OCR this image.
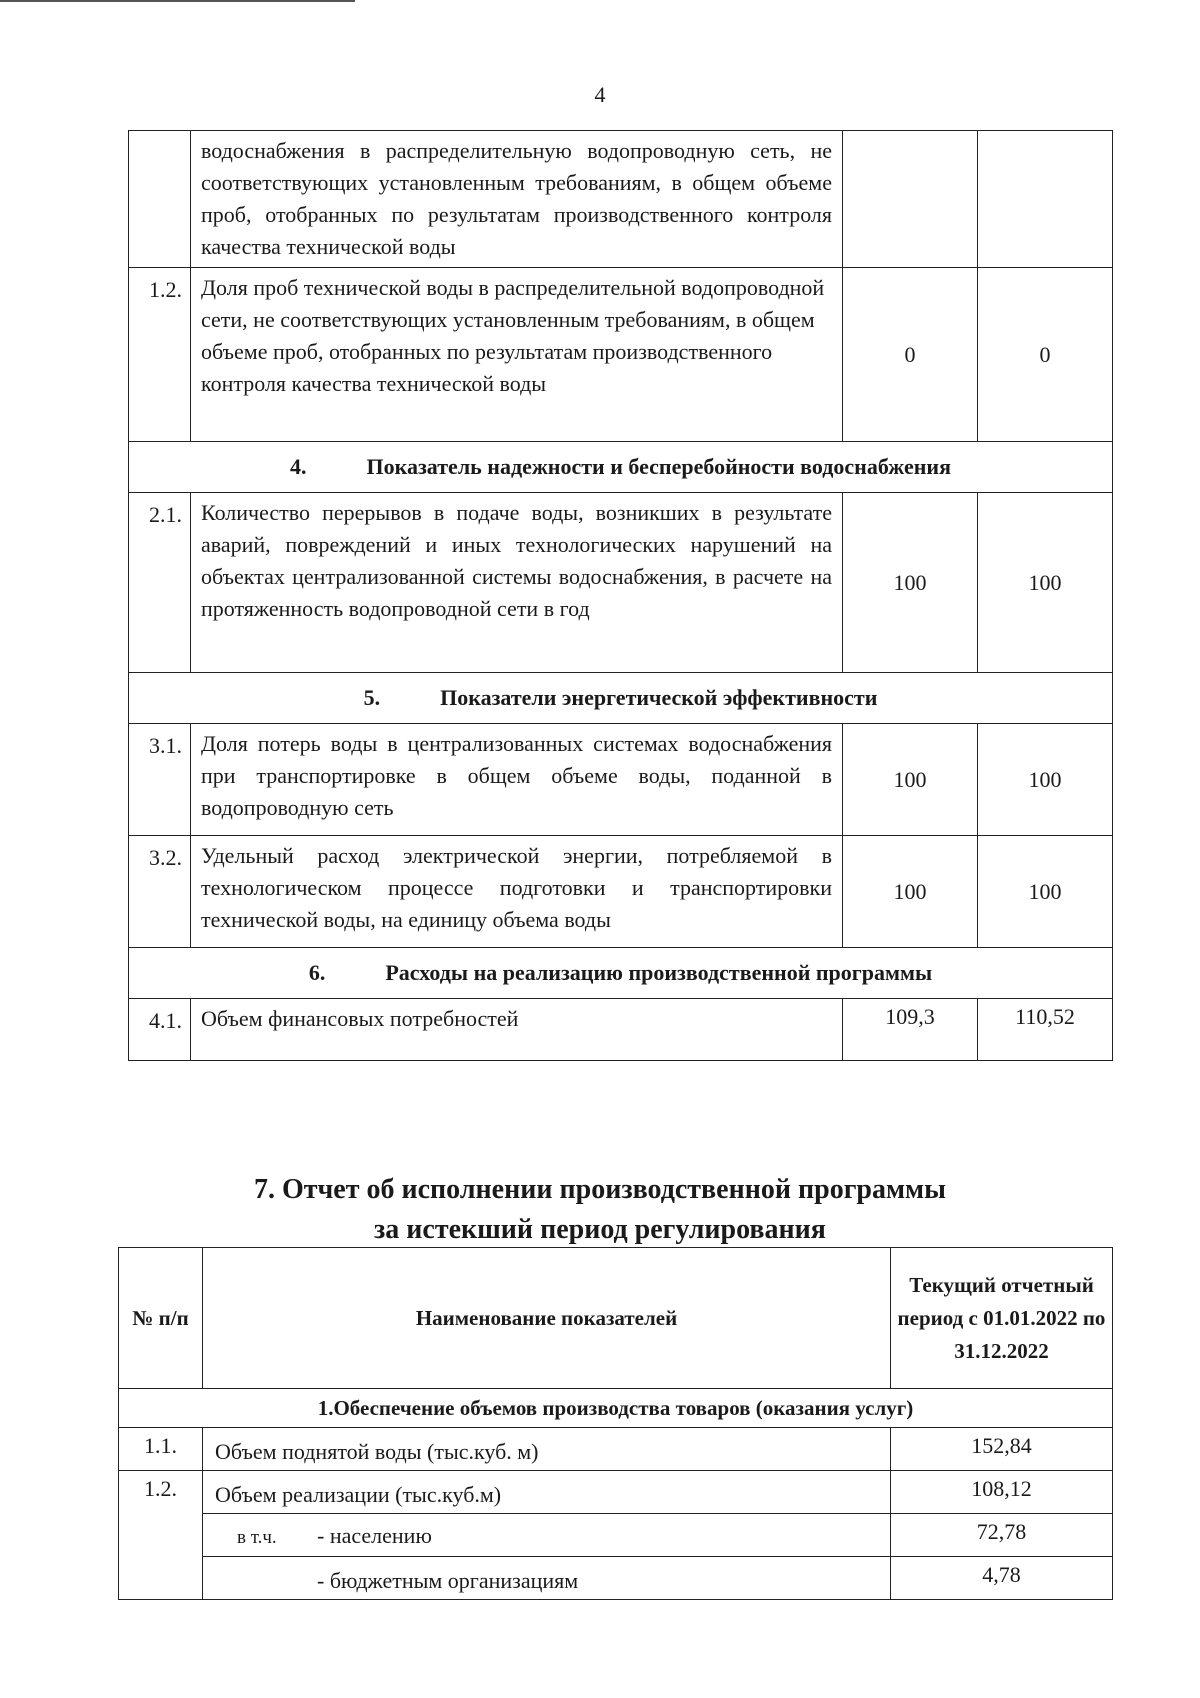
4
	водоснабжения в распределительную водопроводную сеть, не соответствующих установленным требованиям, в общем объеме проб, отобранных по результатам производственного контроля качества технической воды		
1.2.	Доля проб технической воды в распределительной водопроводной сети, не соответствующих установленным требованиям, в общем объеме проб, отобранных по результатам производственного контроля качества технической воды	0	0
4. Показатель надежности и бесперебойности водоснабжения			
2.1.	Количество перерывов в подаче воды, возникших в результате аварий, повреждений и иных технологических нарушений на объектах централизованной системы водоснабжения, в расчете на протяженность водопроводной сети в год	100	100
5. Показатели энергетической эффективности			
3.1.	Доля потерь воды в централизованных системах водоснабжения при транспортировке в общем объеме воды, поданной в водопроводную сеть	100	100
3.2.	Удельный расход электрической энергии, потребляемой в технологическом процессе подготовки и транспортировки технической воды, на единицу объема воды	100	100
6. Расходы на реализацию производственной программы			
4.1.	Объем финансовых потребностей	109,3	110,52
7. Отчет об исполнении производственной программы
за истекший период регулирования
№ п/п	Наименование показателей	Текущий отчетный период с 01.01.2022 по 31.12.2022
1.Обеспечение объемов производства товаров (оказания услуг)		
1.1.	Объем поднятой воды (тыс.куб. м)	152,84
1.2.	Объем реализации (тыс.куб.м)	108,12
	в т.ч. - населению	72,78
	- бюджетным организациям	4,78
